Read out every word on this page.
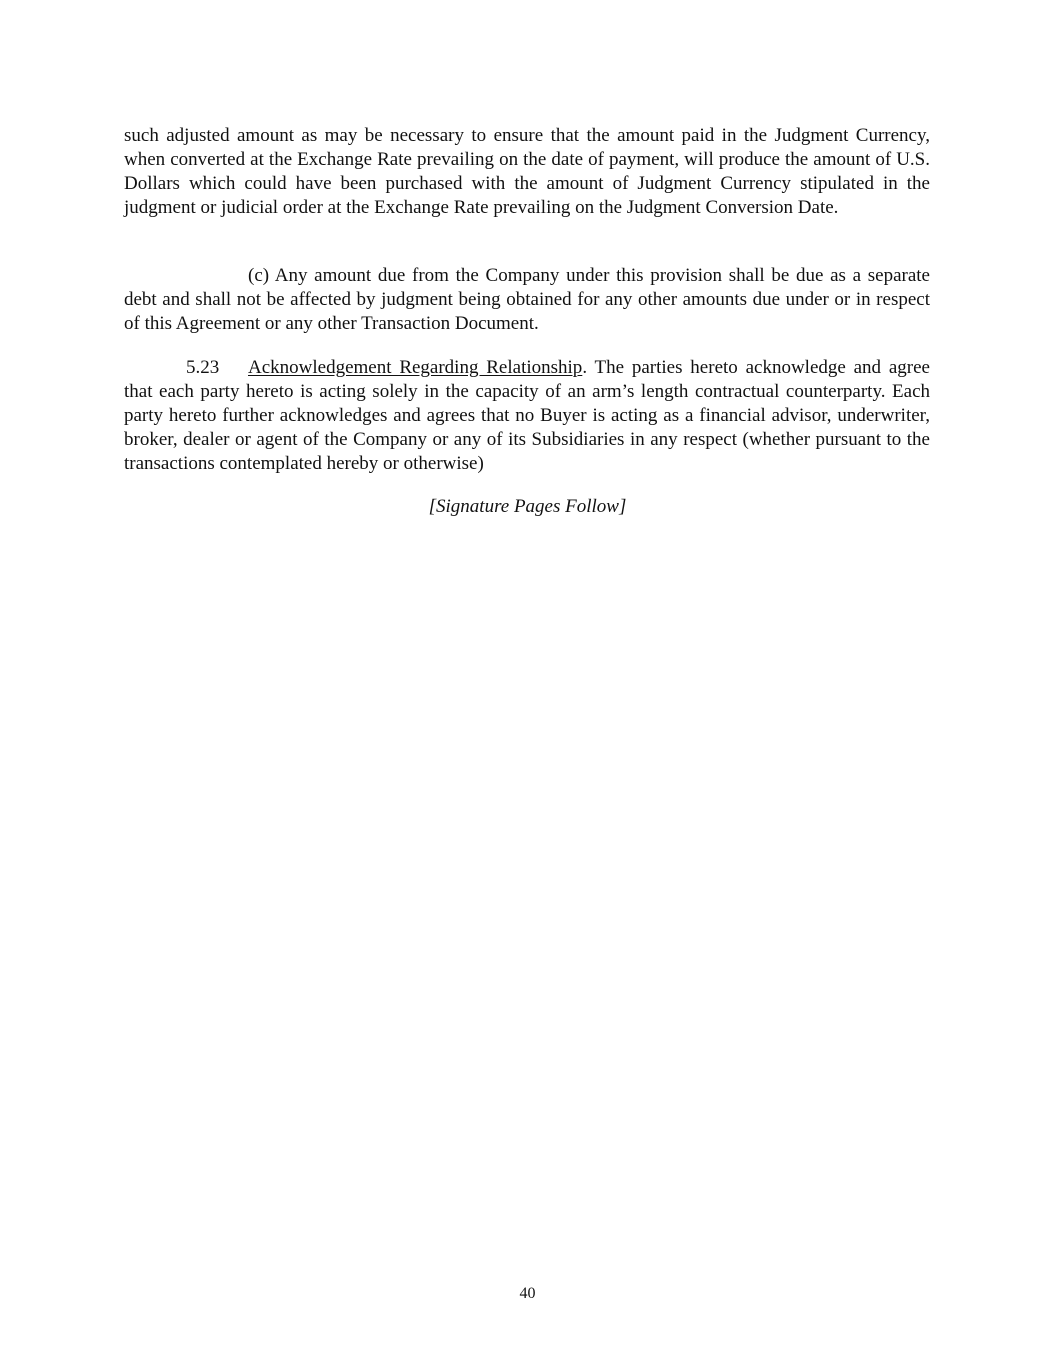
such adjusted amount as may be necessary to ensure that the amount paid in the Judgment Currency, when converted at the Exchange Rate prevailing on the date of payment, will produce the amount of U.S. Dollars which could have been purchased with the amount of Judgment Currency stipulated in the judgment or judicial order at the Exchange Rate prevailing on the Judgment Conversion Date.

(c) Any amount due from the Company under this provision shall be due as a separate debt and shall not be affected by judgment being obtained for any other amounts due under or in respect of this Agreement or any other Transaction Document.

5.23 Acknowledgement Regarding Relationship. The parties hereto acknowledge and agree that each party hereto is acting solely in the capacity of an arm’s length contractual counterparty. Each party hereto further acknowledges and agrees that no Buyer is acting as a financial advisor, underwriter, broker, dealer or agent of the Company or any of its Subsidiaries in any respect (whether pursuant to the transactions contemplated hereby or otherwise)

[Signature Pages Follow]

40
